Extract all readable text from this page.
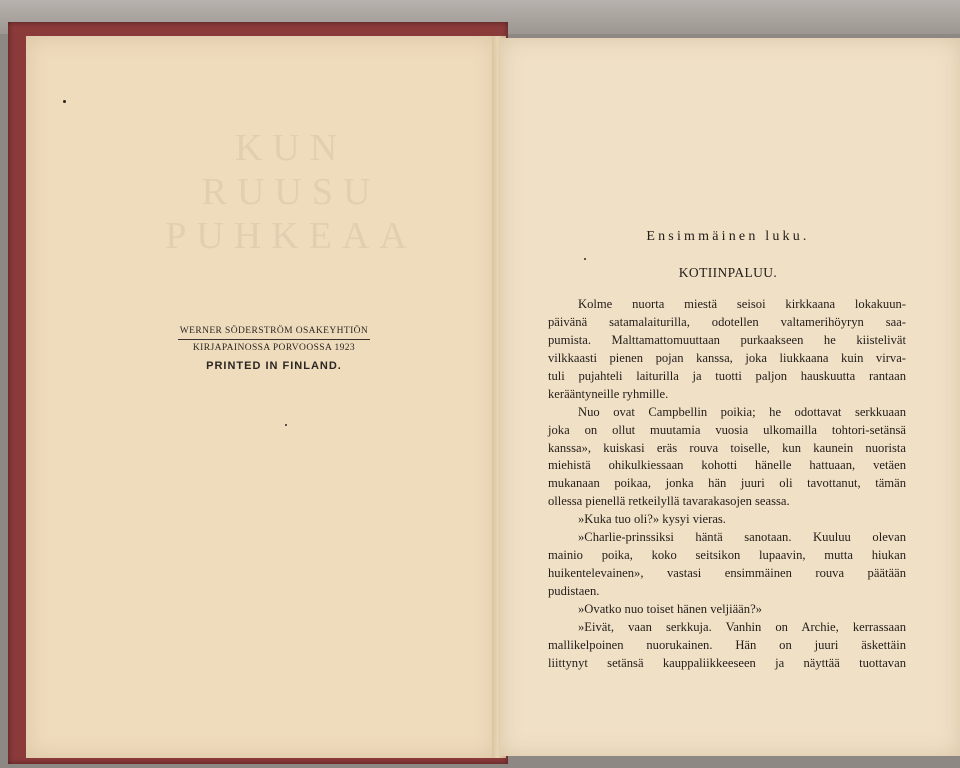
KUN RUUSU
PUHKEAA
WERNER SÖDERSTRÖM OSAKEYHTIÖN
KIRJAPAINOSSA PORVOOSSA 1923
PRINTED IN FINLAND.
Ensimmäinen luku.
KOTIINPALUU.
Kolme nuorta miestä seisoi kirkkaana lokakuun-
päivänä satamalaiturilla, odotellen valtamerihöyryn saa-
pumista. Malttamattomuuttaan purkaakseen he kiistelivät
vilkkaasti pienen pojan kanssa, joka liukkaana kuin virva-
tuli pujahteli laiturilla ja tuotti paljon hauskuutta rantaan
kerääntyneille ryhmille.
Nuo ovat Campbellin poikia; he odottavat serkkuaan
joka on ollut muutamia vuosia ulkomailla tohtori-setänsä
kanssa», kuiskasi eräs rouva toiselle, kun kaunein nuorista
miehistä ohikulkiessaan kohotti hänelle hattuaan, vetäen
mukanaan poikaa, jonka hän juuri oli tavottanut, tämän
ollessa pienellä retkeilyllä tavarakasojen seassa.
»Kuka tuo oli?» kysyi vieras.
»Charlie-prinssiksi häntä sanotaan. Kuuluu olevan
mainio poika, koko seitsikon lupaavin, mutta hiukan
huikentelevainen», vastasi ensimmäinen rouva päätään
pudistaen.
»Ovatko nuo toiset hänen veljiään?»
»Eivät, vaan serkkuja. Vanhin on Archie, kerrassaan
mallikelpoinen nuorukainen. Hän on juuri äskettäin
liittynyt setänsä kauppaliikkeeseen ja näyttää tuottavan
